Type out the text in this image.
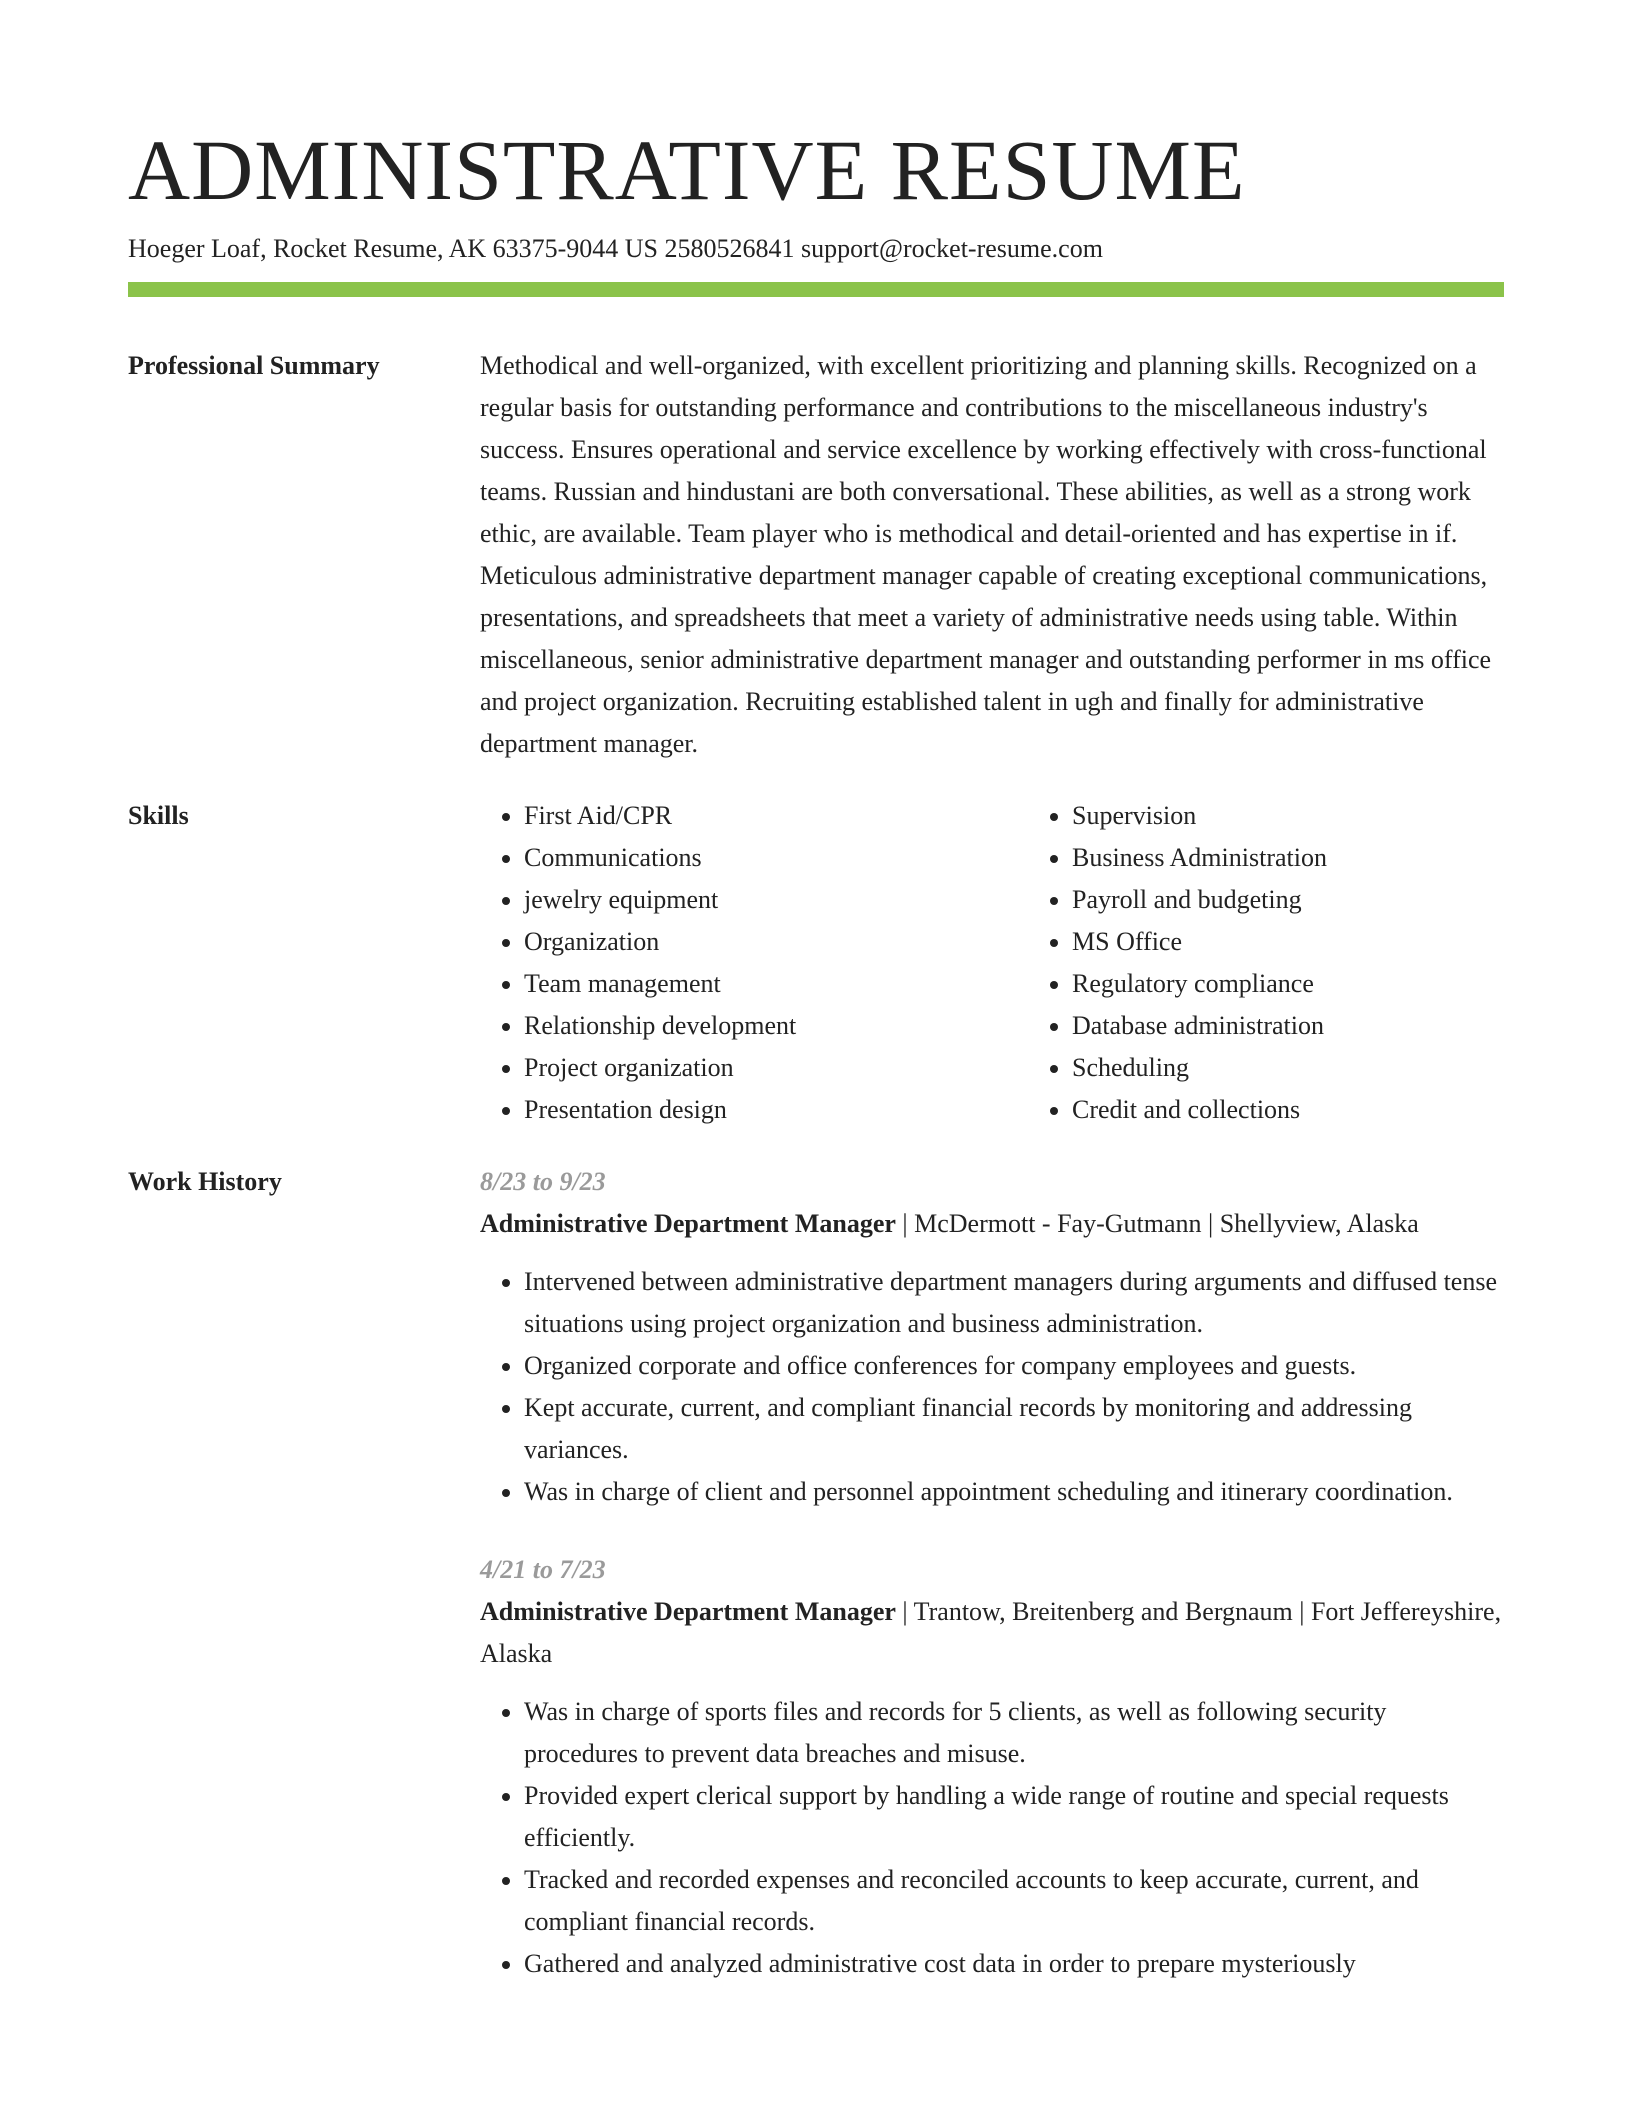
ADMINISTRATIVE RESUME
Hoeger Loaf, Rocket Resume, AK 63375-9044 US 2580526841 support@rocket-resume.com
Professional Summary	Methodical and well-organized, with excellent prioritizing and planning skills. Recognized on a regular basis for outstanding performance and contributions to the miscellaneous industry's success. Ensures operational and service excellence by working effectively with cross-functional teams. Russian and hindustani are both conversational. These abilities, as well as a strong work ethic, are available. Team player who is methodical and detail-oriented and has expertise in if. Meticulous administrative department manager capable of creating exceptional communications, presentations, and spreadsheets that meet a variety of administrative needs using table. Within miscellaneous, senior administrative department manager and outstanding performer in ms office and project organization. Recruiting established talent in ugh and finally for administrative department manager.

Skills
•	First Aid/CPR
• Communications
• jewelry equipment
• Organization
• Team management
• Relationship development
• Project organization
• Presentation design
• Supervision
• Business Administration
• Payroll and budgeting
• MS Office
• Regulatory compliance
• Database administration
• Scheduling
• Credit and collections
Work History	8/23 to 9/23
Administrative Department Manager | McDermott - Fay-Gutmann | Shellyview, Alaska
• Intervened between administrative department managers during arguments and diffused tense situations using project organization and business administration.
• Organized corporate and office conferences for company employees and guests.
• Kept accurate, current, and compliant financial records by monitoring and addressing variances.
• Was in charge of client and personnel appointment scheduling and itinerary coordination.
4/21 to 7/23
Administrative Department Manager | Trantow, Breitenberg and Bergnaum | Fort Jeffereyshire, Alaska
• Was in charge of sports files and records for 5 clients, as well as following security procedures to prevent data breaches and misuse.
• Provided expert clerical support by handling a wide range of routine and special requests efficiently.
• Tracked and recorded expenses and reconciled accounts to keep accurate, current, and compliant financial records.
• Gathered and analyzed administrative cost data in order to prepare mysteriously
